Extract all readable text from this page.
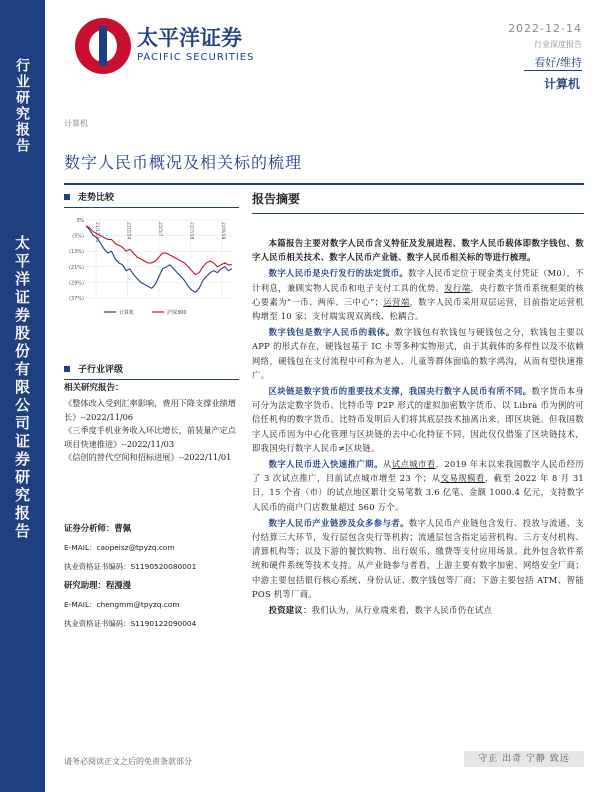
行业研究报告
太平洋证券股份有限公司证券研究报告
太平洋证券
PACIFIC SECURITIES
2022-12-14
行业深度报告
看好/维持
计算机
计算机
数字人民币概况及相关标的梳理
走势比较
3%
(5%)
(13%)
(21%)
(29%)
(37%)
21/12/14	22/2/24	22/5/7	22/7/18	22/9/28
计算机	沪深300
子行业评级
相关研究报告：
《整体改入受到汇率影响，费用下降支撑业绩增长》--2022/11/06
《三季度手机业务收入环比增长，前装量产定点项目快速推进》--2022/11/03
《信创的替代空间和招标进展》--2022/11/01
证券分析师：曹佩
E-MAIL：caopeisz@tpyzq.com
执业资格证书编码：S1190520080001
研究助理：程漫漫
E-MAIL：chengmm@tpyzq.com
执业资格证书编码：S1190122090004
报告摘要

本篇报告主要对数字人民币含义特征及发展进程、数字人民币载体即数字钱包、数字人民币相关技术、数字人民币产业链、数字人民币相关标的等进行梳理。

数字人民币是央行发行的法定货币。数字人民币定位于现金类支付凭证（M0），不计利息，兼顾实物人民币和电子支付工具的优势。发行端，央行数字货币系统框架的核心要素为“一币、两库、三中心”；运营端，数字人民币采用双层运营，目前指定运营机构增至 10 家；支付端实现双离线、松耦合。

数字钱包是数字人民币的载体。数字钱包有软钱包与硬钱包之分，软钱包主要以 APP 的形式存在，硬钱包基于 IC 卡等多种实物形式，由于其载体的多样性以及不依赖网络，硬钱包在支付流程中可称为老人、儿童等群体面临的数字鸿沟，从而有望快速推广。

区块链是数字货币的重要技术支撑，我国央行数字人民币有所不同。数字货币本身可分为法定数字货币、比特币等 P2P 形式的虚拟加密数字货币、以 Libra 币为例的可信任机构的数字货币。比特币发明后人们将其底层技术抽离出来，即区块链。但我国数字人民币因为中心化管理与区块链的去中心化特征不同，因此仅仅借鉴了区块链技术，即我国央行数字人民币≠区块链。

数字人民币进入快速推广期。从试点城市看，2019 年末以来我国数字人民币经历了 3 次试点推广，目前试点城市增至 23 个；从交易规模看，截至 2022 年 8 月 31 日，15 个省（市）的试点地区累计交易笔数 3.6 亿笔、金额 1000.4 亿元，支持数字人民币的商户门店数量超过 560 万个。

数字人民币产业链涉及众多参与者。数字人民币产业链包含发行、投放与流通、支付结算三大环节，发行层包含央行等机构；流通层包含指定运营机构、三方支付机构、清算机构等；以及下游的餐饮购物、出行娱乐、缴费等支付应用场景。此外包含软件系统和硬件系统等技术支持。从产业链参与者看，上游主要有数字加密、网络安全厂商；中游主要包括银行核心系统、身份认证、数字钱包等厂商；下游主要包括 ATM、智能 POS 机等厂商。

投资建议：我们认为，从行业端来看，数字人民币仍在试点

请务必阅读正文之后的免责条款部分	守正 出奇 宁静 致远
